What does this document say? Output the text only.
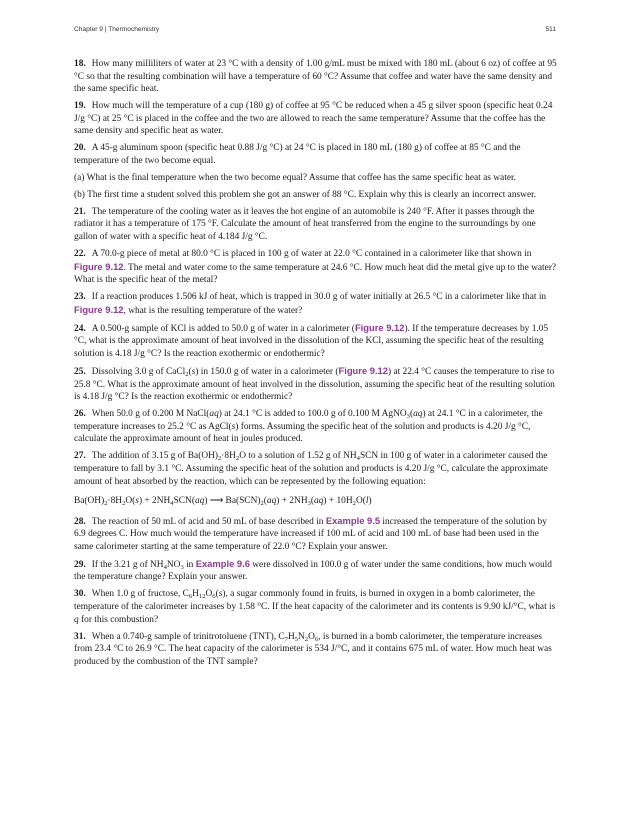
Chapter 9 | Thermochemistry	511

18. How many milliliters of water at 23 °C with a density of 1.00 g/mL must be mixed with 180 mL (about 6 oz) of coffee at 95 °C so that the resulting combination will have a temperature of 60 °C? Assume that coffee and water have the same density and the same specific heat.

19. How much will the temperature of a cup (180 g) of coffee at 95 °C be reduced when a 45 g silver spoon (specific heat 0.24 J/g °C) at 25 °C is placed in the coffee and the two are allowed to reach the same temperature? Assume that the coffee has the same density and specific heat as water.

20. A 45-g aluminum spoon (specific heat 0.88 J/g °C) at 24 °C is placed in 180 mL (180 g) of coffee at 85 °C and the temperature of the two become equal.

(a) What is the final temperature when the two become equal? Assume that coffee has the same specific heat as water.

(b) The first time a student solved this problem she got an answer of 88 °C. Explain why this is clearly an incorrect answer.

21. The temperature of the cooling water as it leaves the hot engine of an automobile is 240 °F. After it passes through the radiator it has a temperature of 175 °F. Calculate the amount of heat transferred from the engine to the surroundings by one gallon of water with a specific heat of 4.184 J/g °C.

22. A 70.0-g piece of metal at 80.0 °C is placed in 100 g of water at 22.0 °C contained in a calorimeter like that shown in Figure 9.12. The metal and water come to the same temperature at 24.6 °C. How much heat did the metal give up to the water? What is the specific heat of the metal?

23. If a reaction produces 1.506 kJ of heat, which is trapped in 30.0 g of water initially at 26.5 °C in a calorimeter like that in Figure 9.12, what is the resulting temperature of the water?

24. A 0.500-g sample of KCl is added to 50.0 g of water in a calorimeter (Figure 9.12). If the temperature decreases by 1.05 °C, what is the approximate amount of heat involved in the dissolution of the KCl, assuming the specific heat of the resulting solution is 4.18 J/g °C? Is the reaction exothermic or endothermic?

25. Dissolving 3.0 g of CaCl$_2$(s) in 150.0 g of water in a calorimeter (Figure 9.12) at 22.4 °C causes the temperature to rise to 25.8 °C. What is the approximate amount of heat involved in the dissolution, assuming the specific heat of the resulting solution is 4.18 J/g °C? Is the reaction exothermic or endothermic?

26. When 50.0 g of 0.200 M NaCl(aq) at 24.1 °C is added to 100.0 g of 0.100 M AgNO$_3$(aq) at 24.1 °C in a calorimeter, the temperature increases to 25.2 °C as AgCl(s) forms. Assuming the specific heat of the solution and products is 4.20 J/g °C, calculate the approximate amount of heat in joules produced.

27. The addition of 3.15 g of $Ba(OH)_2\cdot 8H_2O$ to a solution of 1.52 g of $NH_4SCN$ in 100 g of water in a calorimeter caused the temperature to fall by 3.1 °C. Assuming the specific heat of the solution and products is 4.20 J/g °C, calculate the approximate amount of heat absorbed by the reaction, which can be represented by the following equation:

$Ba(OH)_2\cdot 8H_2O(s) + 2NH_4SCN(aq)$ ⟶ $Ba(SCN)_2(aq) + 2NH_3(aq) + 10H_2O(l)$

28. The reaction of 50 mL of acid and 50 mL of base described in Example 9.5 increased the temperature of the solution by 6.9 degrees C. How much would the temperature have increased if 100 mL of acid and 100 mL of base had been used in the same calorimeter starting at the same temperature of 22.0 °C? Explain your answer.

29. If the 3.21 g of $NH_4NO_3$ in Example 9.6 were dissolved in 100.0 g of water under the same conditions, how much would the temperature change? Explain your answer.

30. When 1.0 g of fructose, $C_6H_{12}O_6(s)$, a sugar commonly found in fruits, is burned in oxygen in a bomb calorimeter, the temperature of the calorimeter increases by 1.58 °C. If the heat capacity of the calorimeter and its contents is 9.90 kJ/°C, what is q for this combustion?

31. When a 0.740-g sample of trinitrotoluene (TNT), $C_7H_5N_2O_6$, is burned in a bomb calorimeter, the temperature increases from 23.4 °C to 26.9 °C. The heat capacity of the calorimeter is 534 J/°C, and it contains 675 mL of water. How much heat was produced by the combustion of the TNT sample?
